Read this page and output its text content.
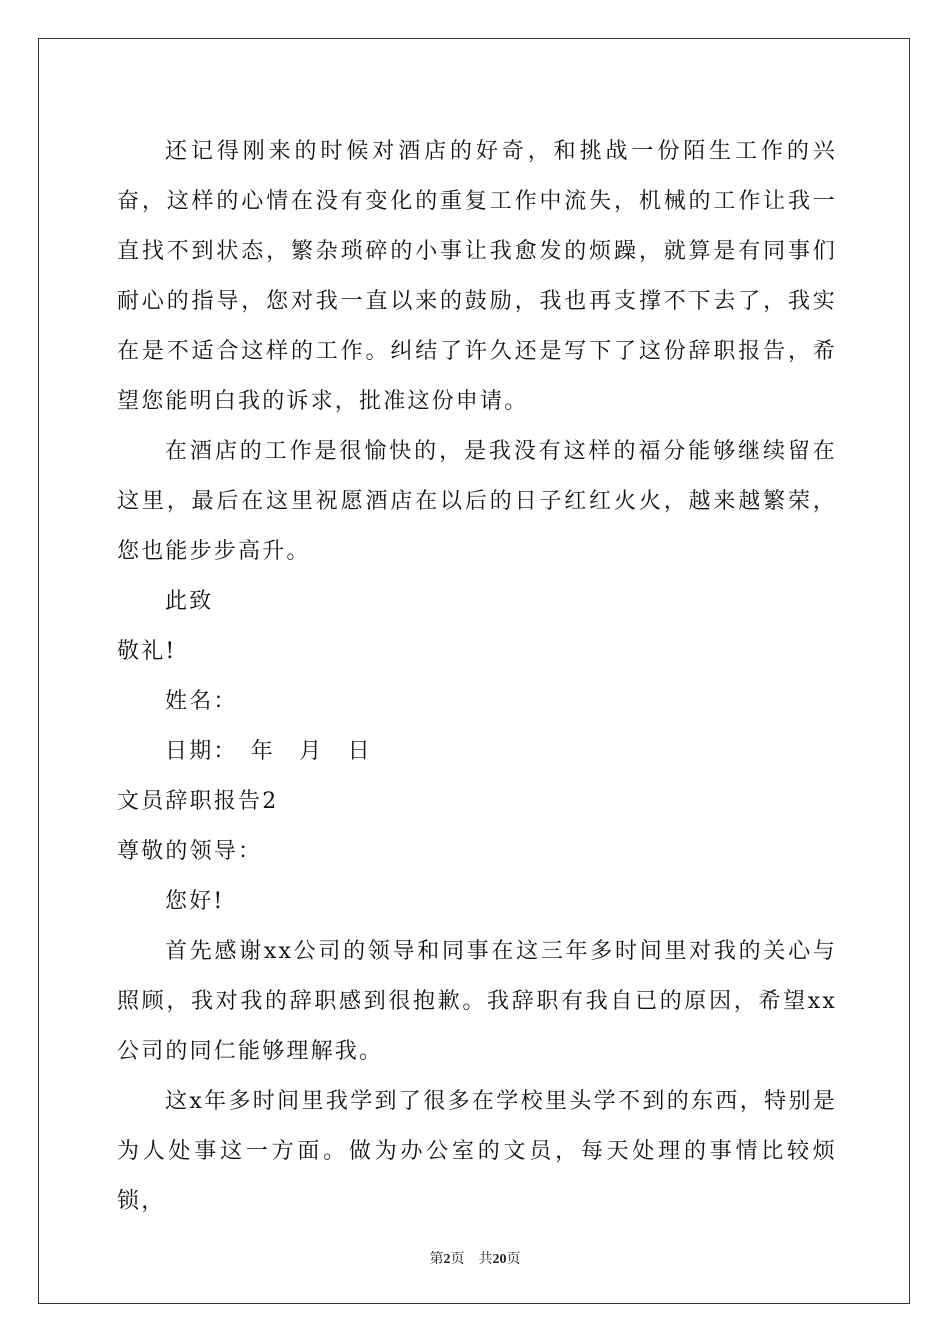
还记得刚来的时候对酒店的好奇，和挑战一份陌生工作的兴奋，这样的心情在没有变化的重复工作中流失，机械的工作让我一直找不到状态，繁杂琐碎的小事让我愈发的烦躁，就算是有同事们耐心的指导，您对我一直以来的鼓励，我也再支撑不下去了，我实在是不适合这样的工作。纠结了许久还是写下了这份辞职报告，希望您能明白我的诉求，批准这份申请。

在酒店的工作是很愉快的，是我没有这样的福分能够继续留在这里，最后在这里祝愿酒店在以后的日子红红火火，越来越繁荣，您也能步步高升。

此致

敬礼!

姓名：

日期：　年　月　日

文员辞职报告2

尊敬的领导：

您好!

首先感谢xx公司的领导和同事在这三年多时间里对我的关心与照顾，我对我的辞职感到很抱歉。我辞职有我自已的原因，希望xx公司的同仁能够理解我。

这x年多时间里我学到了很多在学校里头学不到的东西，特别是为人处事这一方面。做为办公室的文员，每天处理的事情比较烦锁，

第2页 共20页
